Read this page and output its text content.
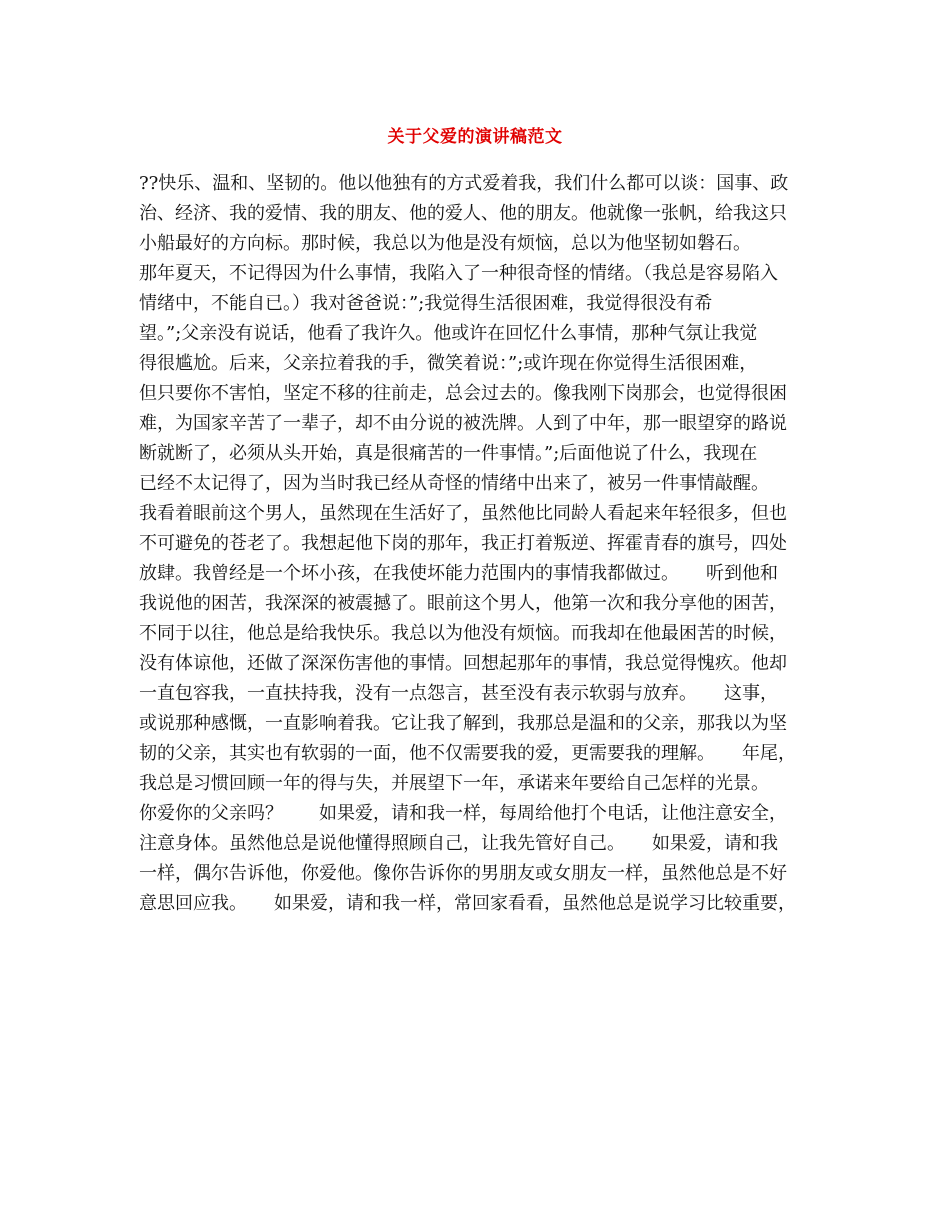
关于父爱的演讲稿范文
??快乐、温和、坚韧的。他以他独有的方式爱着我，我们什么都可以谈：国事、政
治、经济、我的爱情、我的朋友、他的爱人、他的朋友。他就像一张帆，给我这只
小船最好的方向标。那时候，我总以为他是没有烦恼，总以为他坚韧如磐石。
那年夏天，不记得因为什么事情，我陷入了一种很奇怪的情绪。（我总是容易陷入
情绪中，不能自已。）我对爸爸说：”;我觉得生活很困难，我觉得很没有希
望。”;父亲没有说话，他看了我许久。他或许在回忆什么事情，那种气氛让我觉
得很尴尬。后来，父亲拉着我的手，微笑着说：”;或许现在你觉得生活很困难，
但只要你不害怕，坚定不移的往前走，总会过去的。像我刚下岗那会，也觉得很困
难，为国家辛苦了一辈子，却不由分说的被洗牌。人到了中年，那一眼望穿的路说
断就断了，必须从头开始，真是很痛苦的一件事情。”;后面他说了什么，我现在
已经不太记得了，因为当时我已经从奇怪的情绪中出来了，被另一件事情敲醒。
我看着眼前这个男人，虽然现在生活好了，虽然他比同龄人看起来年轻很多，但也
不可避免的苍老了。我想起他下岗的那年，我正打着叛逆、挥霍青春的旗号，四处
放肆。我曾经是一个坏小孩，在我使坏能力范围内的事情我都做过。　　听到他和
我说他的困苦，我深深的被震撼了。眼前这个男人，他第一次和我分享他的困苦，
不同于以往，他总是给我快乐。我总以为他没有烦恼。而我却在他最困苦的时候，
没有体谅他，还做了深深伤害他的事情。回想起那年的事情，我总觉得愧疚。他却
一直包容我，一直扶持我，没有一点怨言，甚至没有表示软弱与放弃。　　这事，
或说那种感慨，一直影响着我。它让我了解到，我那总是温和的父亲，那我以为坚
韧的父亲，其实也有软弱的一面，他不仅需要我的爱，更需要我的理解。　　年尾，
我总是习惯回顾一年的得与失，并展望下一年，承诺来年要给自己怎样的光景。
你爱你的父亲吗？　　如果爱，请和我一样，每周给他打个电话，让他注意安全，
注意身体。虽然他总是说他懂得照顾自己，让我先管好自己。　　如果爱，请和我
一样，偶尔告诉他，你爱他。像你告诉你的男朋友或女朋友一样，虽然他总是不好
意思回应我。　　如果爱，请和我一样，常回家看看，虽然他总是说学习比较重要，
